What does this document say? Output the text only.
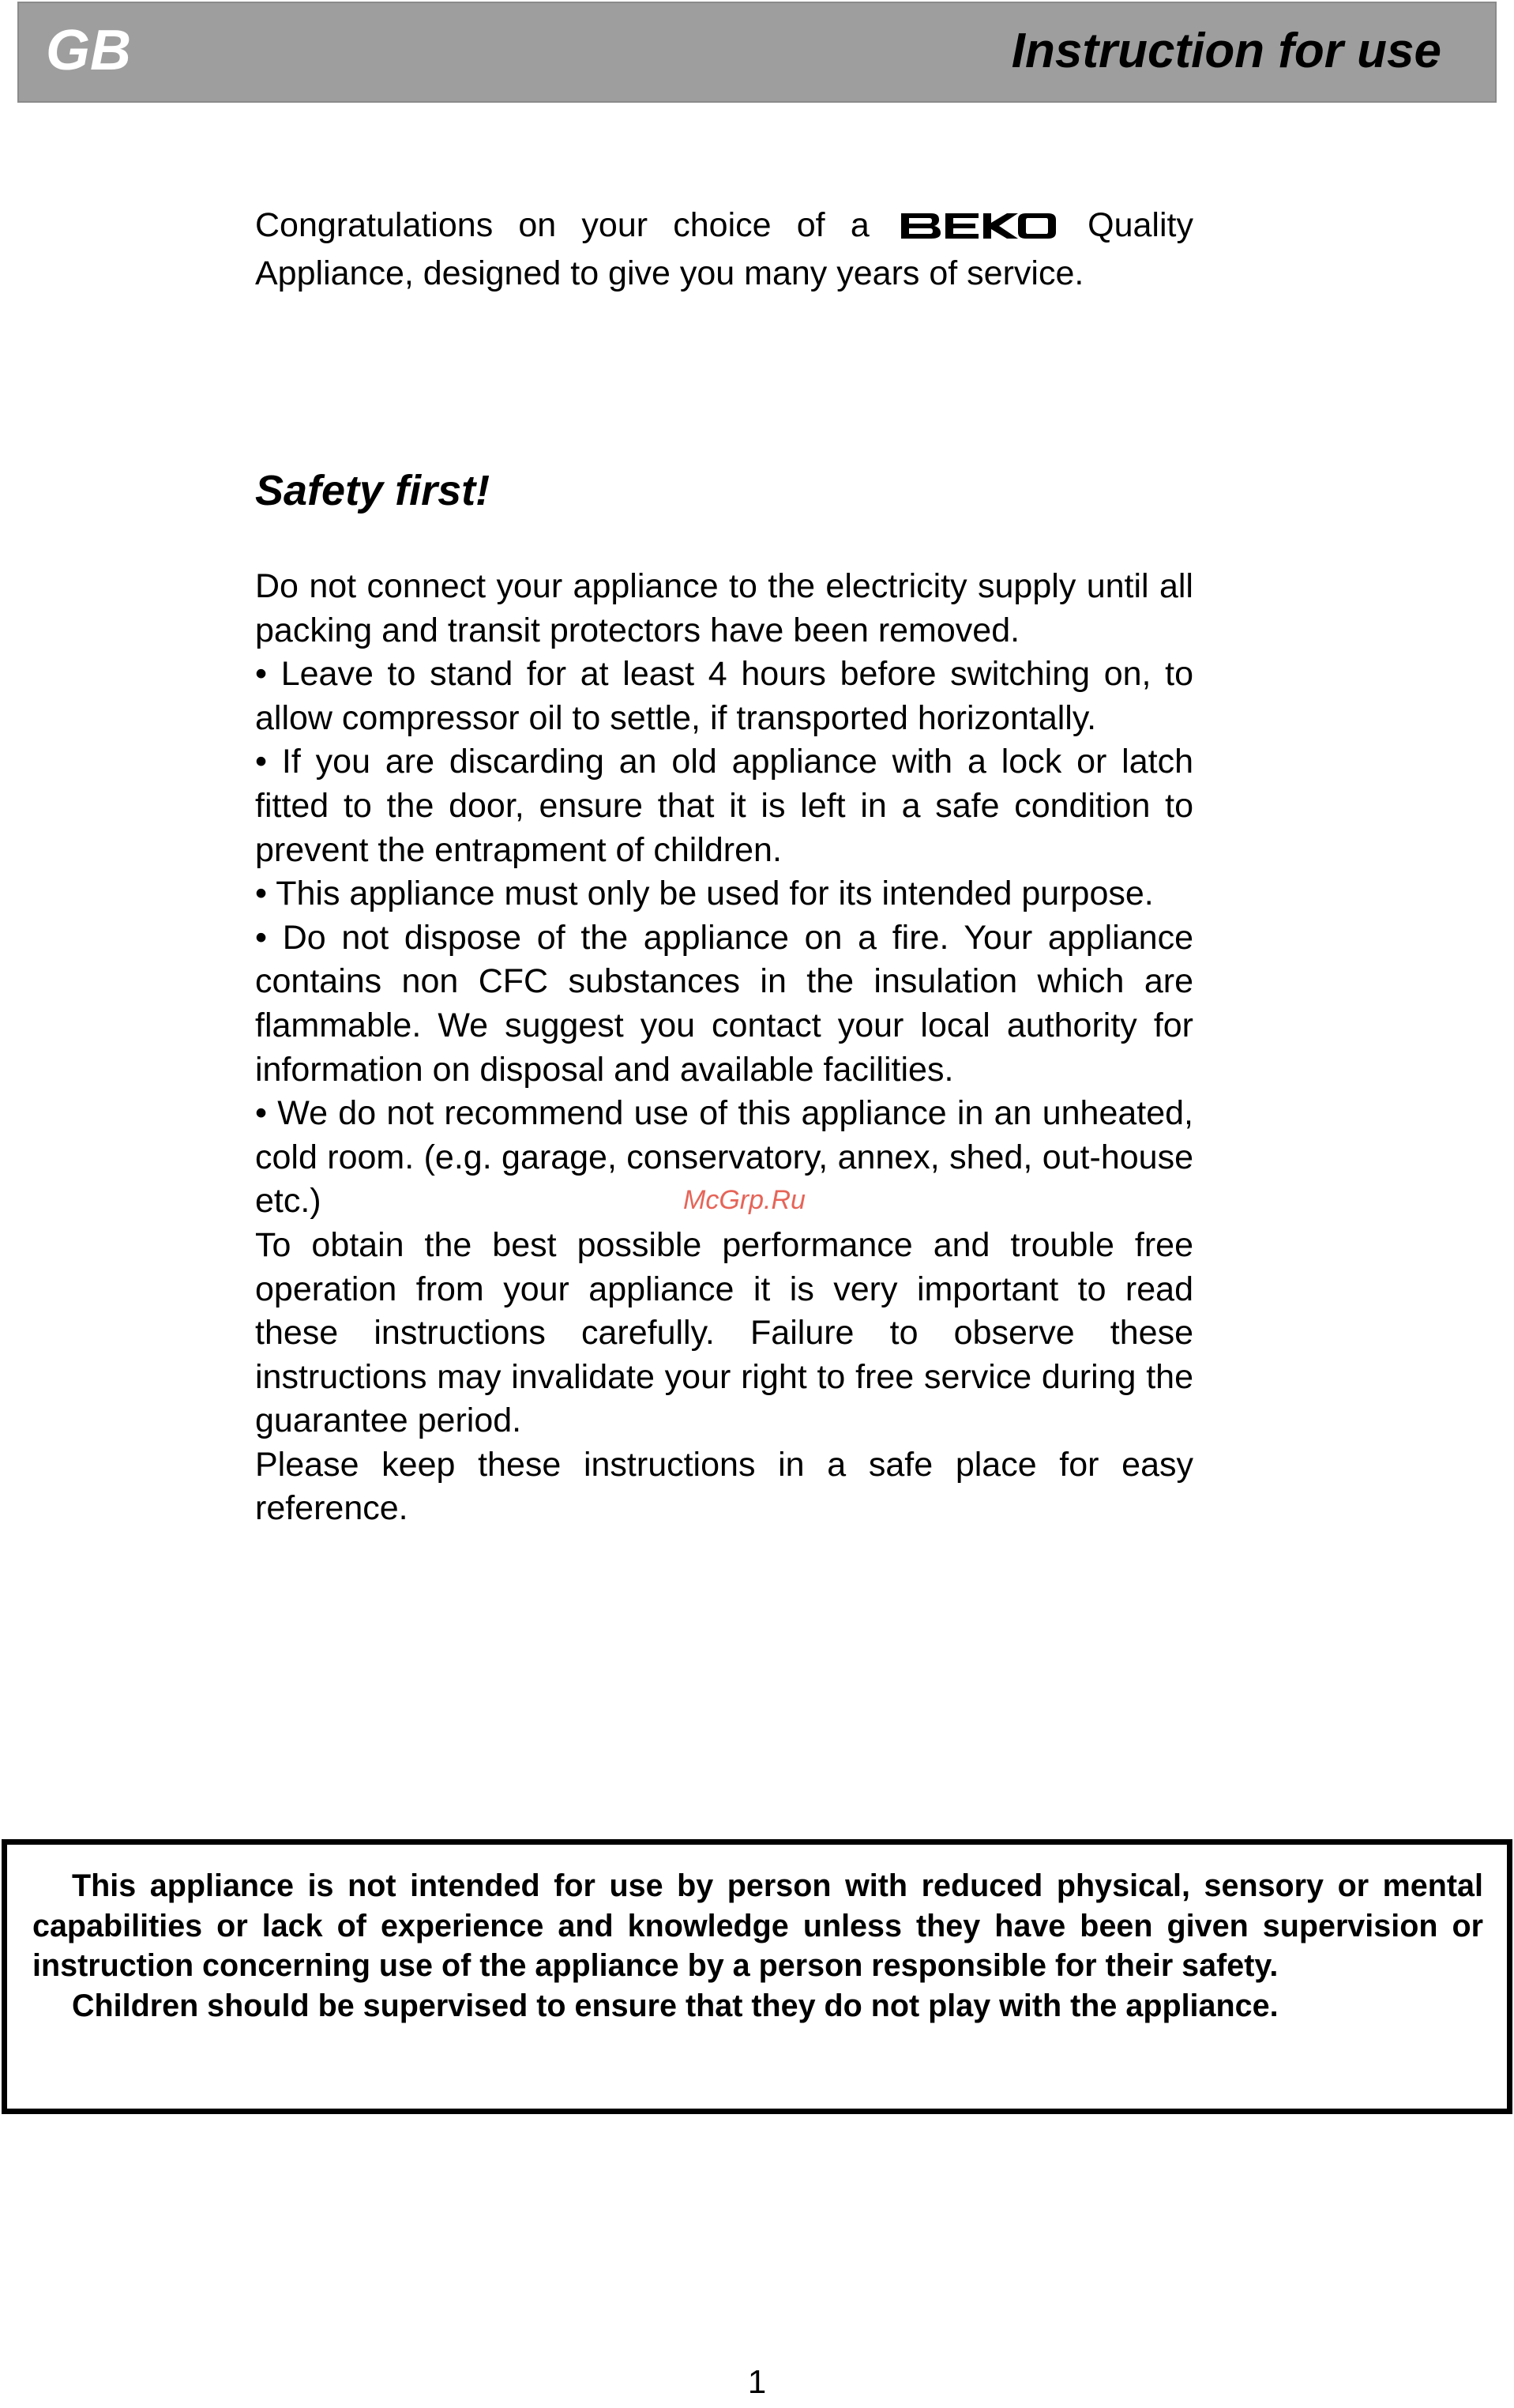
GB	Instruction for use

Congratulations on your choice of a	Quality Appliance, designed to give you many years of service.

Safety first!

Do not connect your appliance to the electricity supply until all packing and transit protectors have been removed.

• Leave to stand for at least 4 hours before switching on, to allow compressor oil to settle, if transported horizontally.

• If you are discarding an old appliance with a lock or latch fitted to the door, ensure that it is left in a safe condition to prevent the entrapment of children.

• This appliance must only be used for its intended purpose.

• Do not dispose of the appliance on a fire. Your appliance contains non CFC substances in the insulation which are flammable. We suggest you contact your local authority for information on disposal and available facilities.

• We do not recommend use of this appliance in an unheated, cold room. (e.g. garage, conservatory, annex, shed, out-house etc.)

To obtain the best possible performance and trouble free operation from your appliance it is very important to read these instructions carefully. Failure to observe these instructions may invalidate your right to free service during the guarantee period.

Please keep these instructions in a safe place for easy reference.

McGrp.Ru

This appliance is not intended for use by person with reduced physical, sensory or mental capabilities or lack of experience and knowledge unless they have been given supervision or instruction concerning use of the appliance by a person responsible for their safety.

Children should be supervised to ensure that they do not play with the appliance.

1
